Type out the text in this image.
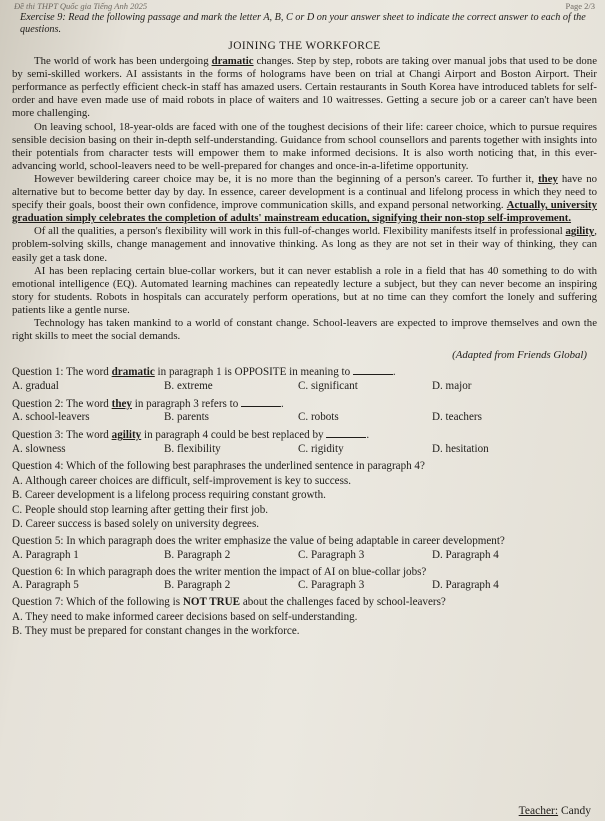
Đề thi THPT Quốc gia Tiếng Anh 2025	Page 2/3

Exercise 9: Read the following passage and mark the letter A, B, C or D on your answer sheet to indicate the correct answer to each of the questions.

JOINING THE WORKFORCE

The world of work has been undergoing dramatic changes. Step by step, robots are taking over manual jobs that used to be done by semi-skilled workers. AI assistants in the forms of holograms have been on trial at Changi Airport and Boston Airport. Their performance as perfectly efficient check-in staff has amazed users. Certain restaurants in South Korea have introduced tablets for self-order and have even made use of maid robots in place of waiters and 10 waitresses. Getting a secure job or a career can't have been more challenging.

On leaving school, 18-year-olds are faced with one of the toughest decisions of their life: career choice, which to pursue requires sensible decision basing on their in-depth self-understanding. Guidance from school counsellors and parents together with insights into their potentials from character tests will empower them to make informed decisions. It is also worth noticing that, in this ever-advancing world, school-leavers need to be well-prepared for changes and once-in-a-lifetime opportunity.

However bewildering career choice may be, it is no more than the beginning of a person's career. To further it, they have no alternative but to become better day by day. In essence, career development is a continual and lifelong process in which they need to specify their goals, boost their own confidence, improve communication skills, and expand personal networking. Actually, university graduation simply celebrates the completion of adults' mainstream education, signifying their non-stop self-improvement.

Of all the qualities, a person's flexibility will work in this full-of-changes world. Flexibility manifests itself in professional agility, problem-solving skills, change management and innovative thinking. As long as they are not set in their way of thinking, they can easily get a task done.

AI has been replacing certain blue-collar workers, but it can never establish a role in a field that has 40 something to do with emotional intelligence (EQ). Automated learning machines can repeatedly lecture a subject, but they can never become an inspiring story for students. Robots in hospitals can accurately perform operations, but at no time can they comfort the lonely and suffering patients like a gentle nurse.

Technology has taken mankind to a world of constant change. School-leavers are expected to improve themselves and own the right skills to meet the social demands.

(Adapted from Friends Global)

Question 1: The word dramatic in paragraph 1 is OPPOSITE in meaning to	.

A. gradual	B. extreme	C. significant	D. major

Question 2: The word they in paragraph 3 refers to	.

A. school-leavers	B. parents	C. robots	D. teachers

Question 3: The word agility in paragraph 4 could be best replaced by	.

A. slowness	B. flexibility	C. rigidity	D. hesitation

Question 4: Which of the following best paraphrases the underlined sentence in paragraph 4?

A. Although career choices are difficult, self-improvement is key to success.

B. Career development is a lifelong process requiring constant growth.

C. People should stop learning after getting their first job.

D. Career success is based solely on university degrees.

Question 5: In which paragraph does the writer emphasize the value of being adaptable in career development?

A. Paragraph 1	B. Paragraph 2	C. Paragraph 3	D. Paragraph 4

Question 6: In which paragraph does the writer mention the impact of AI on blue-collar jobs?

A. Paragraph 5	B. Paragraph 2	C. Paragraph 3	D. Paragraph 4

Question 7: Which of the following is NOT TRUE about the challenges faced by school-leavers?

A. They need to make informed career decisions based on self-understanding.

B. They must be prepared for constant changes in the workforce.

Teacher: Candy
